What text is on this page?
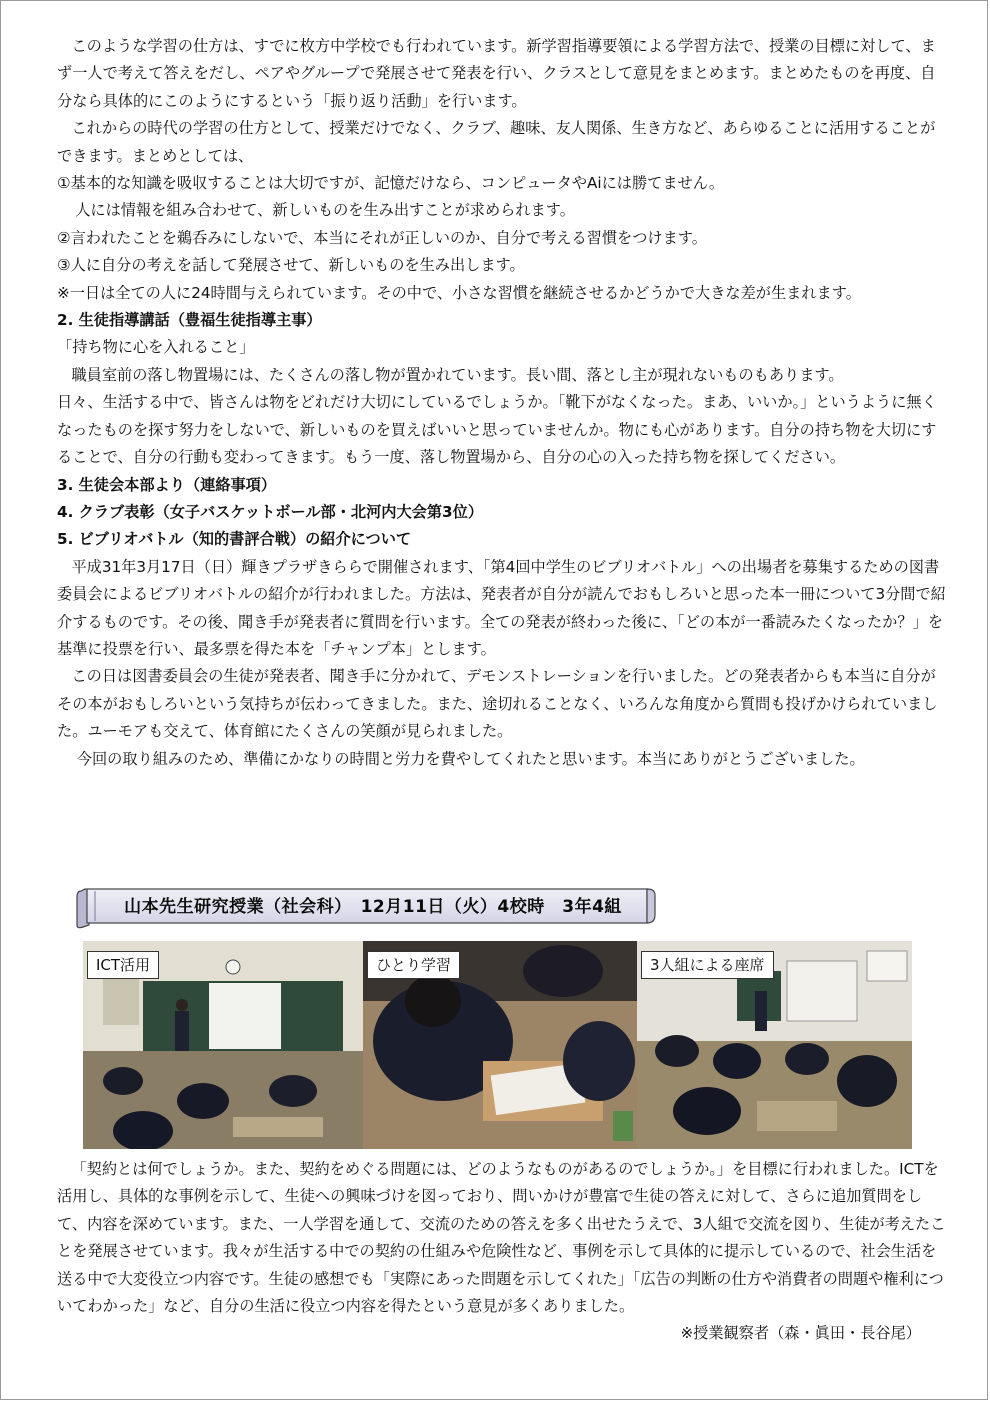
このような学習の仕方は、すでに枚方中学校でも行われています。新学習指導要領による学習方法で、授業の目標に対して、まず一人で考えて答えをだし、ペアやグループで発展させて発表を行い、クラスとして意見をまとめます。まとめたものを再度、自分なら具体的にこのようにするという「振り返り活動」を行います。

これからの時代の学習の仕方として、授業だけでなく、クラブ、趣味、友人関係、生き方など、あらゆることに活用することができます。まとめとしては、

①基本的な知識を吸収することは大切ですが、記憶だけなら、コンピュータやAiには勝てません。

人には情報を組み合わせて、新しいものを生み出すことが求められます。

②言われたことを鵜呑みにしないで、本当にそれが正しいのか、自分で考える習慣をつけます。

③人に自分の考えを話して発展させて、新しいものを生み出します。

※一日は全ての人に24時間与えられています。その中で、小さな習慣を継続させるかどうかで大きな差が生まれます。

2. 生徒指導講話（豊福生徒指導主事）

「持ち物に心を入れること」

職員室前の落し物置場には、たくさんの落し物が置かれています。長い間、落とし主が現れないものもあります。

日々、生活する中で、皆さんは物をどれだけ大切にしているでしょうか。「靴下がなくなった。まあ、いいか。」というように無くなったものを探す努力をしないで、新しいものを買えばいいと思っていませんか。物にも心があります。自分の持ち物を大切にすることで、自分の行動も変わってきます。もう一度、落し物置場から、自分の心の入った持ち物を探してください。

3. 生徒会本部より（連絡事項）

4. クラブ表彰（女子バスケットボール部・北河内大会第3位）

5. ビブリオバトル（知的書評合戦）の紹介について

平成31年3月17日（日）輝きプラザきららで開催されます、「第4回中学生のビブリオバトル」への出場者を募集するための図書委員会によるビブリオバトルの紹介が行われました。方法は、発表者が自分が読んでおもしろいと思った本一冊について3分間で紹介するものです。その後、聞き手が発表者に質問を行います。全ての発表が終わった後に、「どの本が一番読みたくなったか？」を基準に投票を行い、最多票を得た本を「チャンプ本」とします。

この日は図書委員会の生徒が発表者、聞き手に分かれて、デモンストレーションを行いました。どの発表者からも本当に自分がその本がおもしろいという気持ちが伝わってきました。また、途切れることなく、いろんな角度から質問も投げかけられていました。ユーモアも交えて、体育館にたくさんの笑顔が見られました。

今回の取り組みのため、準備にかなりの時間と労力を費やしてくれたと思います。本当にありがとうございました。

山本先生研究授業（社会科）　12月11日（火）4校時　3年4組
ICT活用	ひとり学習	3人組による座席

「契約とは何でしょうか。また、契約をめぐる問題には、どのようなものがあるのでしょうか。」を目標に行われました。ICTを活用し、具体的な事例を示して、生徒への興味づけを図っており、問いかけが豊富で生徒の答えに対して、さらに追加質問をして、内容を深めています。また、一人学習を通して、交流のための答えを多く出せたうえで、3人組で交流を図り、生徒が考えたことを発展させています。我々が生活する中での契約の仕組みや危険性など、事例を示して具体的に提示しているので、社会生活を送る中で大変役立つ内容です。生徒の感想でも「実際にあった問題を示してくれた」「広告の判断の仕方や消費者の問題や権利についてわかった」など、自分の生活に役立つ内容を得たという意見が多くありました。

※授業観察者（森・眞田・長谷尾）
